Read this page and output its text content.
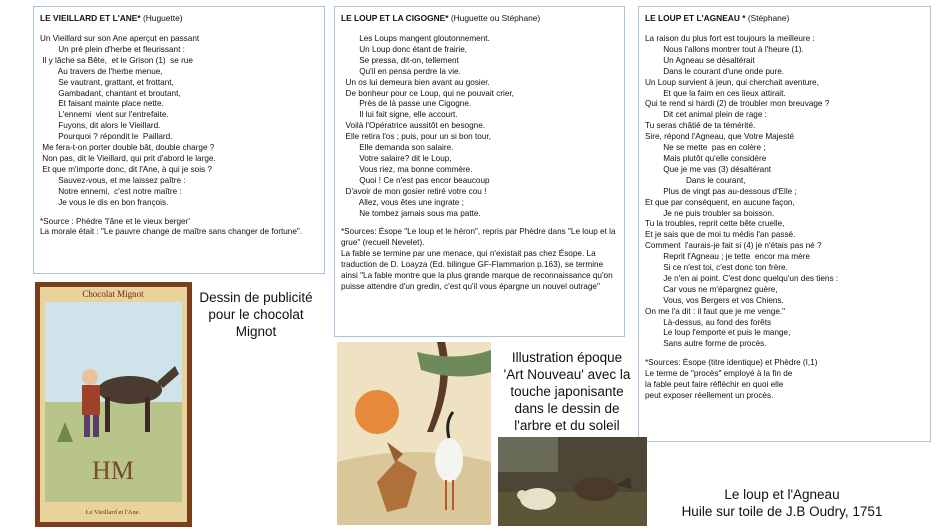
LE VIEILLARD ET L'ANE* (Huguette)

Un Vieillard sur son Ane aperçut en passant

Un pré plein d'herbe et fleurissant :

Il y lâche sa Bête,  et le Grison (1)  se rue

Au travers de l'herbe menue,

Se vautrant, grattant, et frottant,

Gambadant, chantant et broutant,

Et faisant mainte place nette.

L'ennemi  vient sur l'entrefaite.

Fuyons, dit alors le Vieillard.

Pourquoi ? répondit le  Paillard.

Me fera-t-on porter double bât, double charge ?

Non pas, dit le Vieillard, qui prit d'abord le large.

Et que m'importe donc, dit l'Ane, à qui je sois ?

Sauvez-vous, et me laissez paître :

Notre ennemi,  c'est notre maître :

Je vous le dis en bon françois.

*Source : Phèdre 'l'âne et le vieux berger'

La morale était : "Le pauvre change de maître sans changer de fortune".

LE LOUP ET LA CIGOGNE* (Huguette ou Stéphane)

Les Loups mangent gloutonnement.

Un Loup donc étant de frairie,

Se pressa, dit-on, tellement

Qu'il en pensa perdre la vie.

Un os lui demeura bien avant au gosier.

De bonheur pour ce Loup, qui ne pouvait crier,

Près de là passe une Cigogne.

Il lui fait signe, elle accourt.

Voilà l'Opératrice aussitôt en besogne.

Elle retira l'os ; puis, pour un si bon tour,

Elle demanda son salaire.

Votre salaire? dit le Loup,

Vous riez, ma bonne commère.

Quoi ! Ce n'est pas encor beaucoup

D'avoir de mon gosier retiré votre cou !

Allez, vous êtes une ingrate ;

Ne tombez jamais sous ma patte.

*Sources: Ésope "Le loup et le héron", repris par Phèdre dans "Le loup et la grue" (recueil Nevelet).

La fable se termine par une menace, qui n'existait pas chez Ésope. La traduction de D. Loayza (Ed. bilingue GF-Flammarion p.163), se termine ainsi "La fable montre que la plus grande marque de reconnaissance qu'on puisse attendre d'un gredin, c'est qu'il vous épargne un nouvel outrage"

LE LOUP ET L'AGNEAU * (Stéphane)

La raison du plus fort est toujours la meilleure :

Nous l'allons montrer tout à l'heure (1).

Un Agneau se désaltérait

Dans le courant d'une onde pure.

Un Loup survient à jeun, qui cherchait aventure,

Et que la faim en ces lieux attirait.

Qui te rend si hardi (2) de troubler mon breuvage ?

Dit cet animal plein de rage :

Tu seras châtié de ta témérité.

Sire, répond l'Agneau, que Votre Majesté

Ne se mette  pas en colère ;

Mais plutôt qu'elle considère

Que je me vas (3) désaltérant

Dans le courant,

Plus de vingt pas au-dessous d'Elle ;

Et que par conséquent, en aucune façon,

Je ne puis troubler sa boisson.

Tu la troubles, reprit cette bête cruelle,

Et je sais que de moi tu médis l'an passé.

Comment  l'aurais-je fait si (4) je n'étais pas né ?

Reprit l'Agneau ; je tette  encor ma mère

Si ce n'est toi, c'est donc ton frère.

Je n'en ai point. C'est donc quelqu'un des tiens :

Car vous ne m'épargnez guère,

Vous, vos Bergers et vos Chiens.

On me l'a dit : il faut que je me venge."

Là-dessus, au fond des forêts

Le loup l'emporte et puis le mange,

Sans autre forme de procès.

*Sources: Ésope (titre identique) et Phèdre (I,1)

Le terme de "procès" employé à la fin de

la fable peut faire réfléchir en quoi elle

peut exposer réellement un procès.

Chocolat Mignot
HM
Le Vieillard et l'Ane.
Dessin de publicité
pour le chocolat
Mignot
Illustration époque
'Art Nouveau' avec la
touche japonisante
dans le dessin de
l'arbre et du soleil
Le loup et l'Agneau
Huile sur toile de J.B Oudry, 1751
